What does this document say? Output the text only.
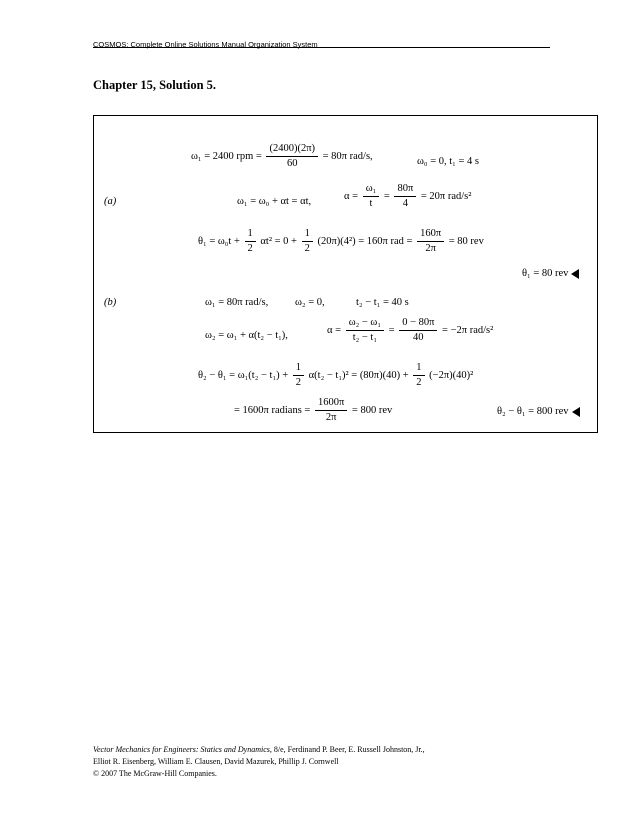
COSMOS: Complete Online Solutions Manual Organization System
Chapter 15, Solution 5.
ω₁ = 2400 rpm = $\frac{(2400)(2\pi)}{60} = 80\pi$ rad/s,	ω₀ = 0, t₁ = 4 s
(a)	ω₁ = ω₀ + αt = αt,	$\alpha = \frac{\text{ω₁}}{t} = \frac{80\pi}{4} = 20\pi$ rad/s²
$\theta_1 = \omega_0t + \frac{1}{2} \alpha t^2 = 0 + \frac{1}{2} (20\pi)(4^2) = 160\pi$ rad = $\frac{160\pi}{2\pi} = 80$ rev
θ₁ = 80 rev
(b)	ω₁ = 80π rad/s,	ω₂ = 0,	t₂ − t₁ = 40 s
ω₂ = ω₁ + α(t₂ − t₁),	$\alpha = \frac{\text{ω₂ − ω₁}}{\text{t₂ − t₁}} = \frac{0 - 80\pi}{40} = -2\pi$ rad/s²
$\theta_2 - \theta_1 = \omega_1(t_2 - t_1) + \frac{1}{2} \alpha(t_2 - t_1)^2 = (80\pi)(40) + \frac{1}{2} (-2\pi)(40)^2$
= 1600π radians = $\frac{1600\pi}{2\pi} = 800$ rev	θ₂ − θ₁ = 800 rev
Vector Mechanics for Engineers: Statics and Dynamics, 8/e, Ferdinand P. Beer, E. Russell Johnston, Jr.,
Elliot R. Eisenberg, William E. Clausen, David Mazurek, Phillip J. Cornwell
© 2007 The McGraw-Hill Companies.
